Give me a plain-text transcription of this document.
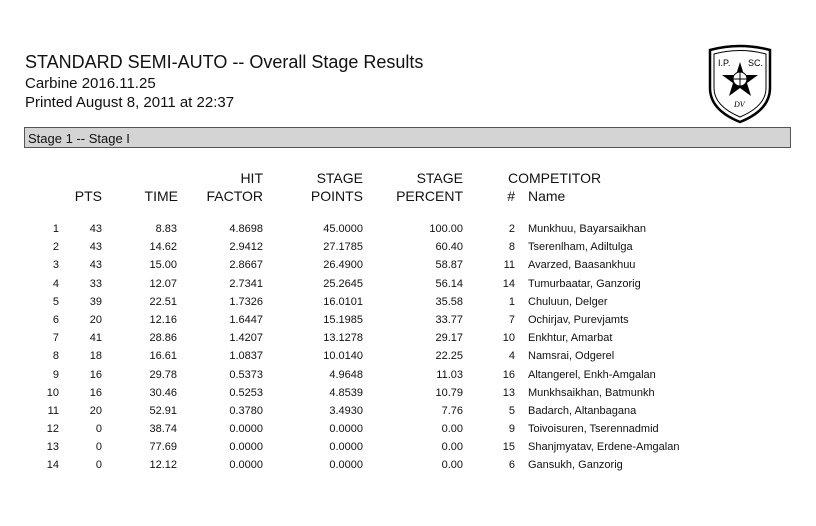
STANDARD SEMI-AUTO -- Overall Stage Results
Carbine 2016.11.25
Printed August 8, 2011 at 22:37
I.P. SC.
DV
Stage 1 -- Stage I
PTS	TIME
HIT
FACTOR
STAGE
POINTS
STAGE
PERCENT
COMPETITOR
# Name
1	43	8.83	4.8698	45.0000	100.00	2 Munkhuu, Bayarsaikhan
2	43	14.62	2.9412	27.1785	60.40	8 Tserenlham, Adiltulga
3	43	15.00	2.8667	26.4900	58.87	11 Avarzed, Baasankhuu
4	33	12.07	2.7341	25.2645	56.14	14 Tumurbaatar, Ganzorig
5	39	22.51	1.7326	16.0101	35.58	1 Chuluun, Delger
6	20	12.16	1.6447	15.1985	33.77	7 Ochirjav, Purevjamts
7	41	28.86	1.4207	13.1278	29.17	10 Enkhtur, Amarbat
8	18	16.61	1.0837	10.0140	22.25	4 Namsrai, Odgerel
9	16	29.78	0.5373	4.9648	11.03	16 Altangerel, Enkh-Amgalan
10	16	30.46	0.5253	4.8539	10.79	13 Munkhsaikhan, Batmunkh
11	20	52.91	0.3780	3.4930	7.76	5 Badarch, Altanbagana
12	0	38.74	0.0000	0.0000	0.00	9 Toivoisuren, Tserennadmid
13	0	77.69	0.0000	0.0000	0.00	15 Shanjmyatav, Erdene-Amgalan
14	0	12.12	0.0000	0.0000	0.00	6 Gansukh, Ganzorig
